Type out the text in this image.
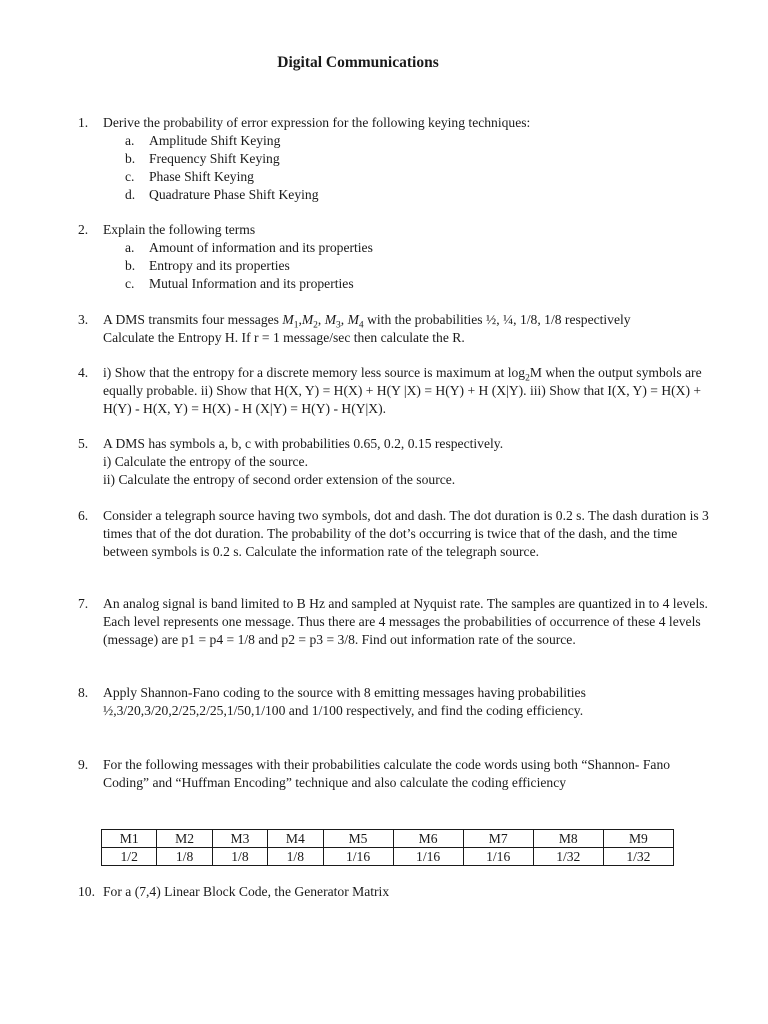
Digital Communications
1. Derive the probability of error expression for the following keying techniques:
a. Amplitude Shift Keying
b. Frequency Shift Keying
c. Phase Shift Keying
d. Quadrature Phase Shift Keying
2. Explain the following terms
a. Amount of information and its properties
b. Entropy and its properties
c. Mutual Information and its properties
3. A DMS transmits four messages $M_1,M_2$, $M_3$, $M_4$ with the probabilities ½, ¼, 1/8, 1/8 respectively
Calculate the Entropy H. If r = 1 message/sec then calculate the R.
4. i) Show that the entropy for a discrete memory less source is maximum at $\log_2M$ when the output symbols are equally probable. ii) Show that H(X, Y) = H(X) + H(Y |X) = H(Y) + H (X|Y). iii) Show that I(X, Y) = H(X) + H(Y) - H(X, Y) = H(X) - H (X|Y) = H(Y) - H(Y|X).
5. A DMS has symbols a, b, c with probabilities 0.65, 0.2, 0.15 respectively.
i) Calculate the entropy of the source.
ii) Calculate the entropy of second order extension of the source.
6. Consider a telegraph source having two symbols, dot and dash. The dot duration is 0.2 s. The dash duration is 3 times that of the dot duration. The probability of the dot’s occurring is twice that of the dash, and the time between symbols is 0.2 s. Calculate the information rate of the telegraph source.
7. An analog signal is band limited to B Hz and sampled at Nyquist rate. The samples are quantized in to 4 levels. Each level represents one message. Thus there are 4 messages the probabilities of occurrence of these 4 levels (message) are p1 = p4 = 1/8 and p2 = p3 = 3/8. Find out information rate of the source.
8. Apply Shannon-Fano coding to the source with 8 emitting messages having probabilities ½,3/20,3/20,2/25,2/25,1/50,1/100 and 1/100 respectively, and find the coding efficiency.
9. For the following messages with their probabilities calculate the code words using both “Shannon- Fano Coding” and “Huffman Encoding” technique and also calculate the coding efficiency
M1	M2	M3	M4	M5	M6	M7	M8	M9
1/2	1/8	1/8	1/8	1/16	1/16	1/16	1/32	1/32
10. For a (7,4) Linear Block Code, the Generator Matrix
